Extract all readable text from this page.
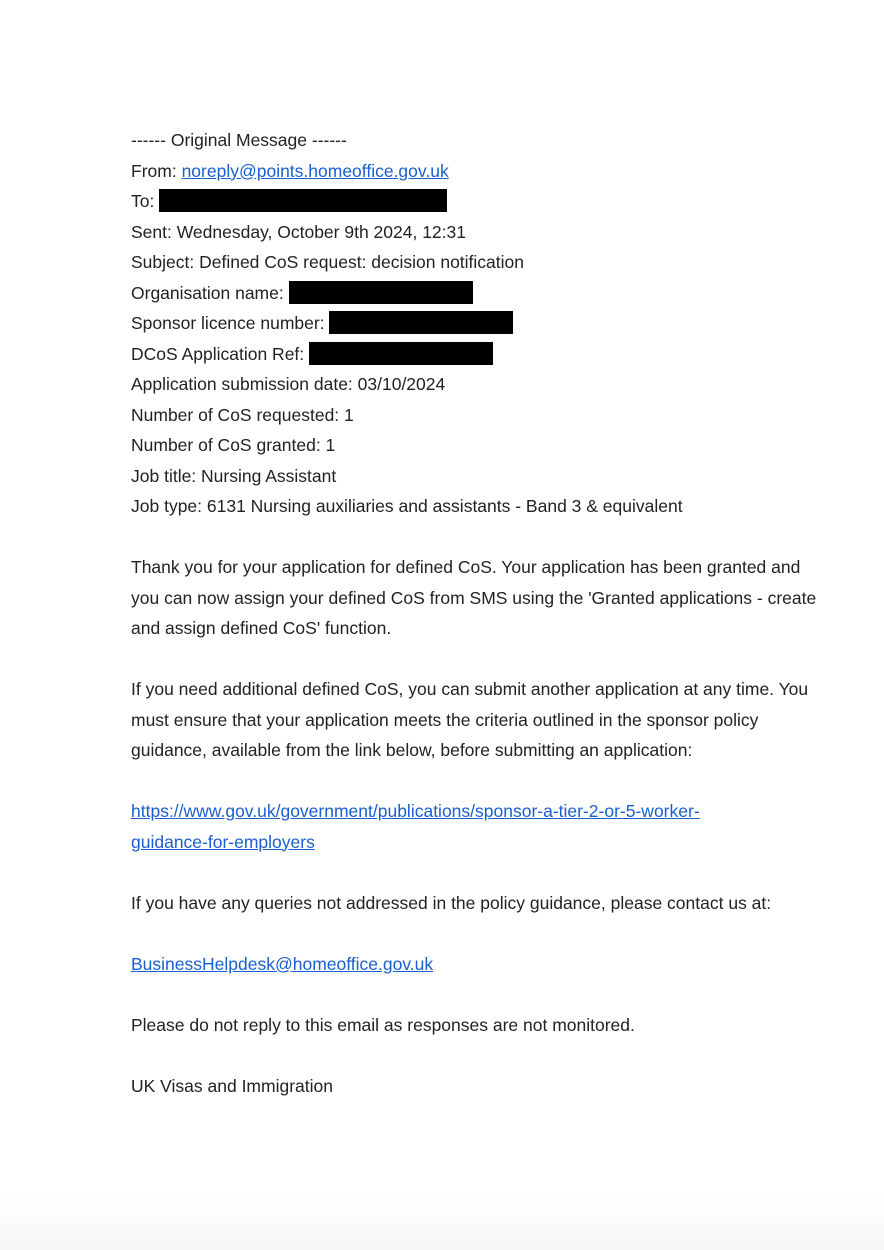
------ Original Message ------
From: noreply@points.homeoffice.gov.uk
To:
Sent: Wednesday, October 9th 2024, 12:31
Subject: Defined CoS request: decision notification
Organisation name:
Sponsor licence number:
DCoS Application Ref:
Application submission date: 03/10/2024
Number of CoS requested: 1
Number of CoS granted: 1
Job title: Nursing Assistant
Job type: 6131 Nursing auxiliaries and assistants - Band 3 & equivalent
Thank you for your application for defined CoS. Your application has been granted and you can now assign your defined CoS from SMS using the 'Granted applications - create and assign defined CoS' function.
If you need additional defined CoS, you can submit another application at any time. You must ensure that your application meets the criteria outlined in the sponsor policy guidance, available from the link below, before submitting an application:
https://www.gov.uk/government/publications/sponsor-a-tier-2-or-5-worker-
guidance-for-employers
If you have any queries not addressed in the policy guidance, please contact us at:
BusinessHelpdesk@homeoffice.gov.uk
Please do not reply to this email as responses are not monitored.
UK Visas and Immigration
